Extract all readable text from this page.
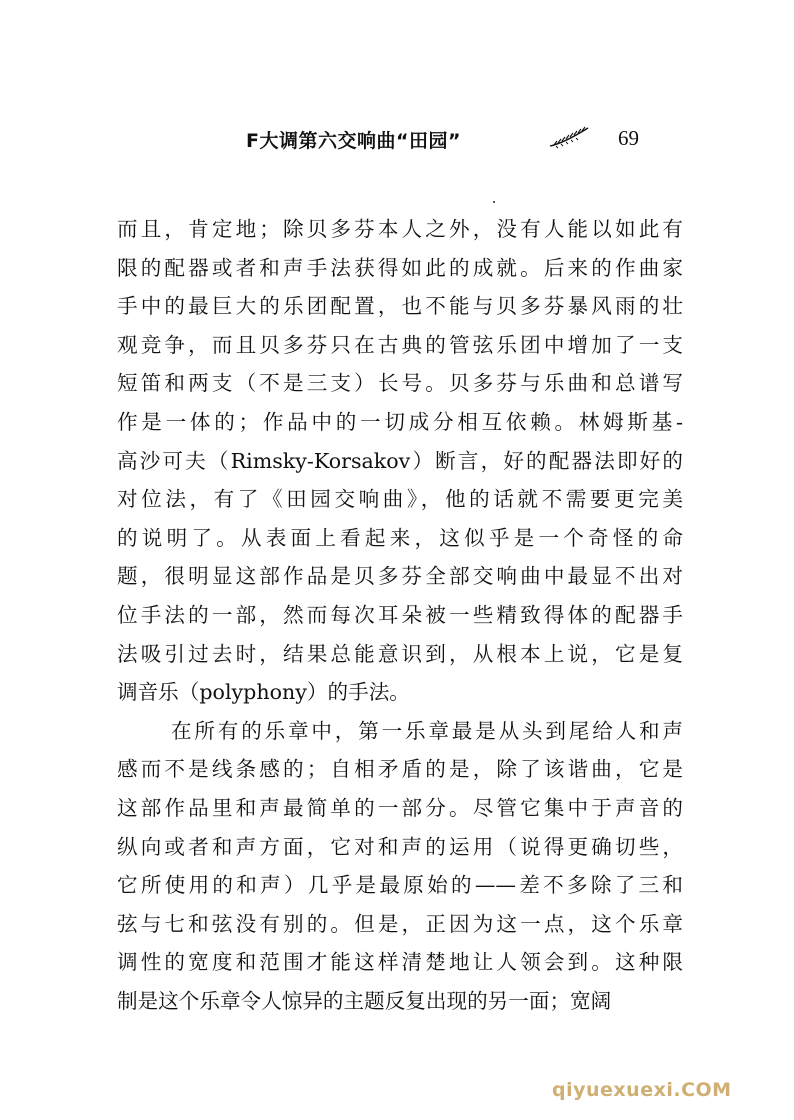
F大调第六交响曲“田园”	69
而且，肯定地；除贝多芬本人之外，没有人能以如此有
限的配器或者和声手法获得如此的成就。后来的作曲家
手中的最巨大的乐团配置，也不能与贝多芬暴风雨的壮
观竞争，而且贝多芬只在古典的管弦乐团中增加了一支
短笛和两支（不是三支）长号。贝多芬与乐曲和总谱写
作是一体的；作品中的一切成分相互依赖。林姆斯基-
高沙可夫（Rimsky-Korsakov）断言，好的配器法即好的
对位法，有了《田园交响曲》，他的话就不需要更完美
的说明了。从表面上看起来，这似乎是一个奇怪的命
题，很明显这部作品是贝多芬全部交响曲中最显不出对
位手法的一部，然而每次耳朵被一些精致得体的配器手
法吸引过去时，结果总能意识到，从根本上说，它是复
调音乐（polyphony）的手法。
在所有的乐章中，第一乐章最是从头到尾给人和声
感而不是线条感的；自相矛盾的是，除了该谐曲，它是
这部作品里和声最简单的一部分。尽管它集中于声音的
纵向或者和声方面，它对和声的运用（说得更确切些，
它所使用的和声）几乎是最原始的——差不多除了三和
弦与七和弦没有别的。但是，正因为这一点，这个乐章
调性的宽度和范围才能这样清楚地让人领会到。这种限
制是这个乐章令人惊异的主题反复出现的另一面；宽阔
qiyuexuexi.COM
